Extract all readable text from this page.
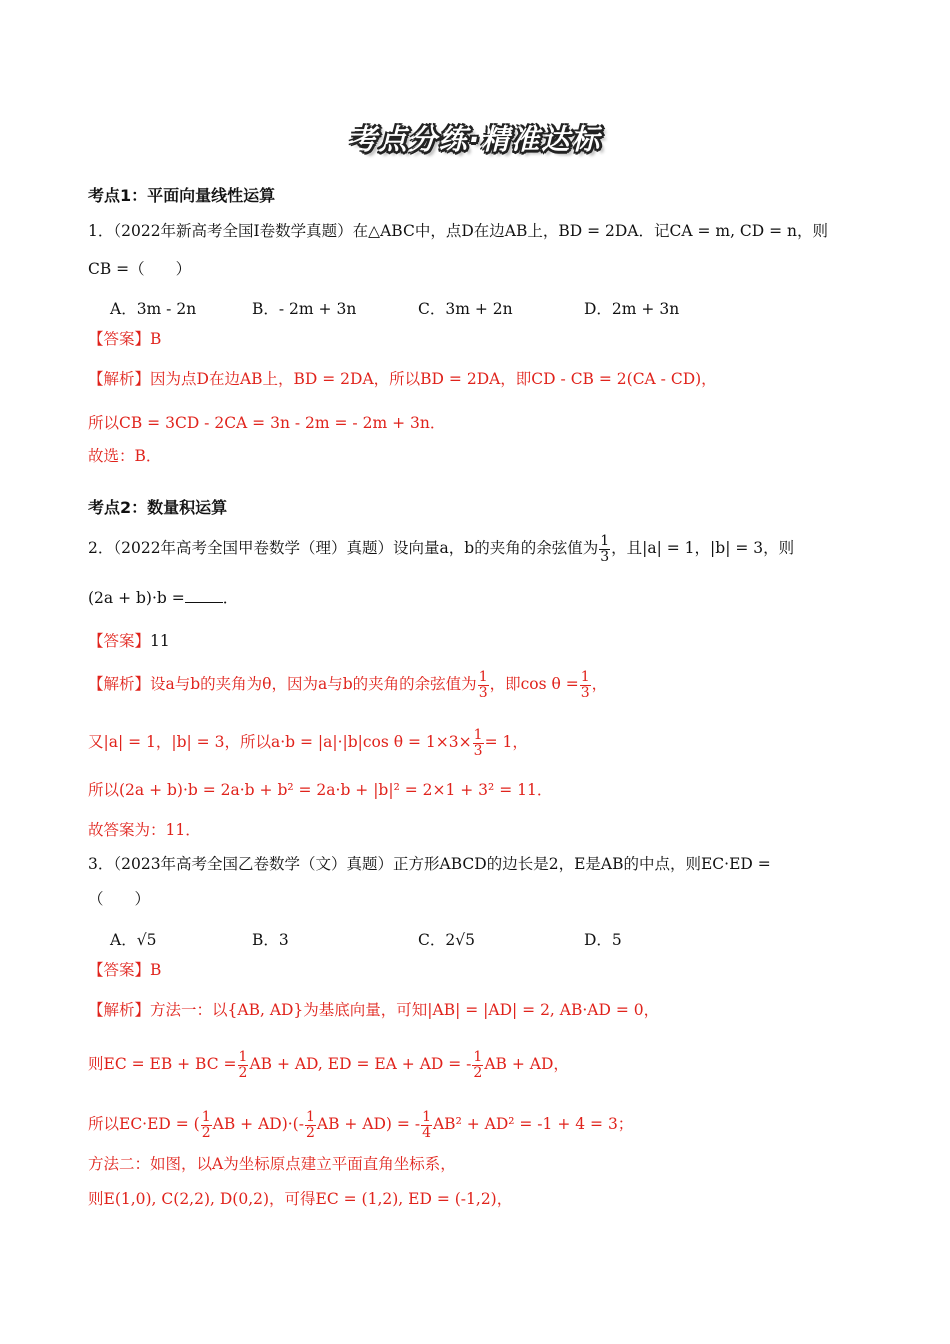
考点分练·精准达标
考点1：平面向量线性运算
1．（2022年新高考全国I卷数学真题）在△ABC中，点D在边AB上，BD = 2DA．记CA = m, CD = n，则
CB =（　　）
A．3m - 2n	B．- 2m + 3n	C．3m + 2n	D．2m + 3n
【答案】B
【解析】因为点D在边AB上，BD = 2DA，所以BD = 2DA，即CD - CB = 2(CA - CD)，
所以CB = 3CD - 2CA = 3n - 2m = - 2m + 3n．
故选：B．
考点2：数量积运算
2．（2022年高考全国甲卷数学（理）真题）设向量a，b的夹角的余弦值为 $\frac{1}{3}$ ，且|a| = 1，|b| = 3，则
(2a + b)·b = ．
【答案】11
【解析】设a与b的夹角为θ，因为a与b的夹角的余弦值为 $\frac{1}{3}$ ，即$\cos \theta = \frac{1}{3}$ ，
又|a| = 1，|b| = 3，所以a·b = |a|·|b|cos $\theta = 1\times 3\times \frac{1}{3} = 1$，
所以(2a + b)·b = 2a·b + b² = 2a·b + |b|² = 2×1 + 3² = 11．
故答案为：11．
3．（2023年高考全国乙卷数学（文）真题）正方形ABCD的边长是2，E是AB的中点，则EC·ED =
（　　）
A．√5	B．3	C．2√5	D．5
【答案】B
【解析】方法一：以{AB, AD}为基底向量，可知|AB| = |AD| = 2, AB·AD = 0，
则EC = EB + BC = $\frac{1}{2}$ AB + AD, ED = EA + AD = - $\frac{1}{2}$ AB + AD，
所以EC·ED = ( $\frac{1}{2}$ AB + $AD)\cdot(- \frac{1}{2}$ AB + AD) = - $\frac{1}{4} AB^2 + AD^2 = -1 + 4 = 3$；
方法二：如图，以A为坐标原点建立平面直角坐标系，
则E(1,0), C(2,2), D(0,2)，可得EC = (1,2), ED = (-1,2)，
